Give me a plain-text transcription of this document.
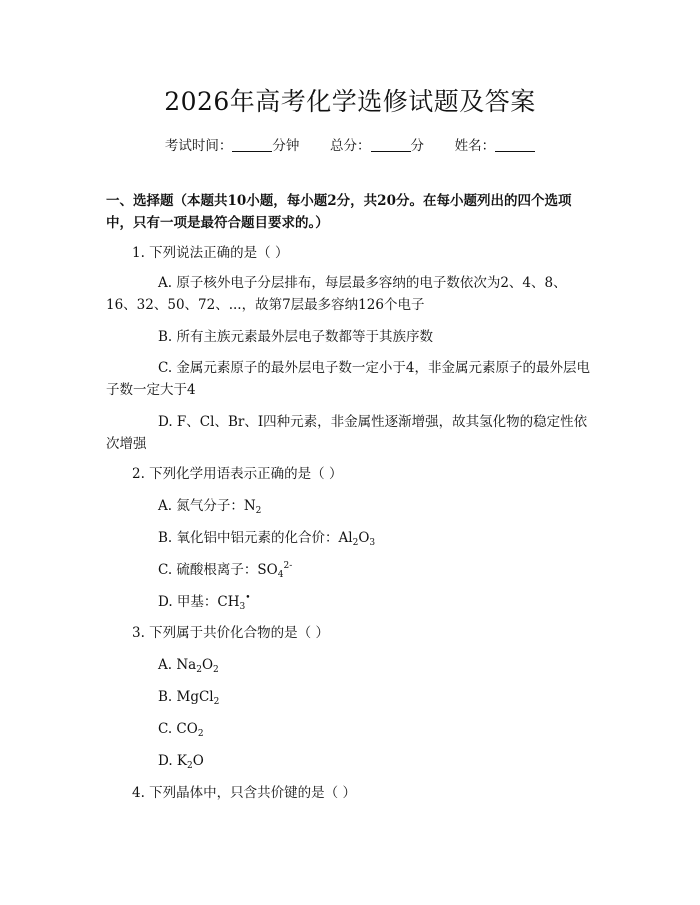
2026年高考化学选修试题及答案
考试时间：	分钟 总分：	分 姓名：
一、选择题（本题共10小题，每小题2分，共20分。在每小题列出的四个选项中，只有一项是最符合题目要求的。）
1. 下列说法正确的是（ ）
A. 原子核外电子分层排布，每层最多容纳的电子数依次为2、4、8、16、32、50、72、...，故第7层最多容纳126个电子
B. 所有主族元素最外层电子数都等于其族序数
C. 金属元素原子的最外层电子数一定小于4，非金属元素原子的最外层电子数一定大于4
D. F、Cl、Br、I四种元素，非金属性逐渐增强，故其氢化物的稳定性依次增强
2. 下列化学用语表示正确的是（ ）
A. 氮气分子：$N_2$
B. 氧化铝中铝元素的化合价：$Al_2O_3$
C. 硫酸根离子：$SO_4^{2-}$
D. 甲基：$CH_3^•$
3. 下列属于共价化合物的是（ ）
A. $Na_2O_2$
B. MgCl$_2$
C. $CO_2$
D. $K_2O$
4. 下列晶体中，只含共价键的是（ ）
